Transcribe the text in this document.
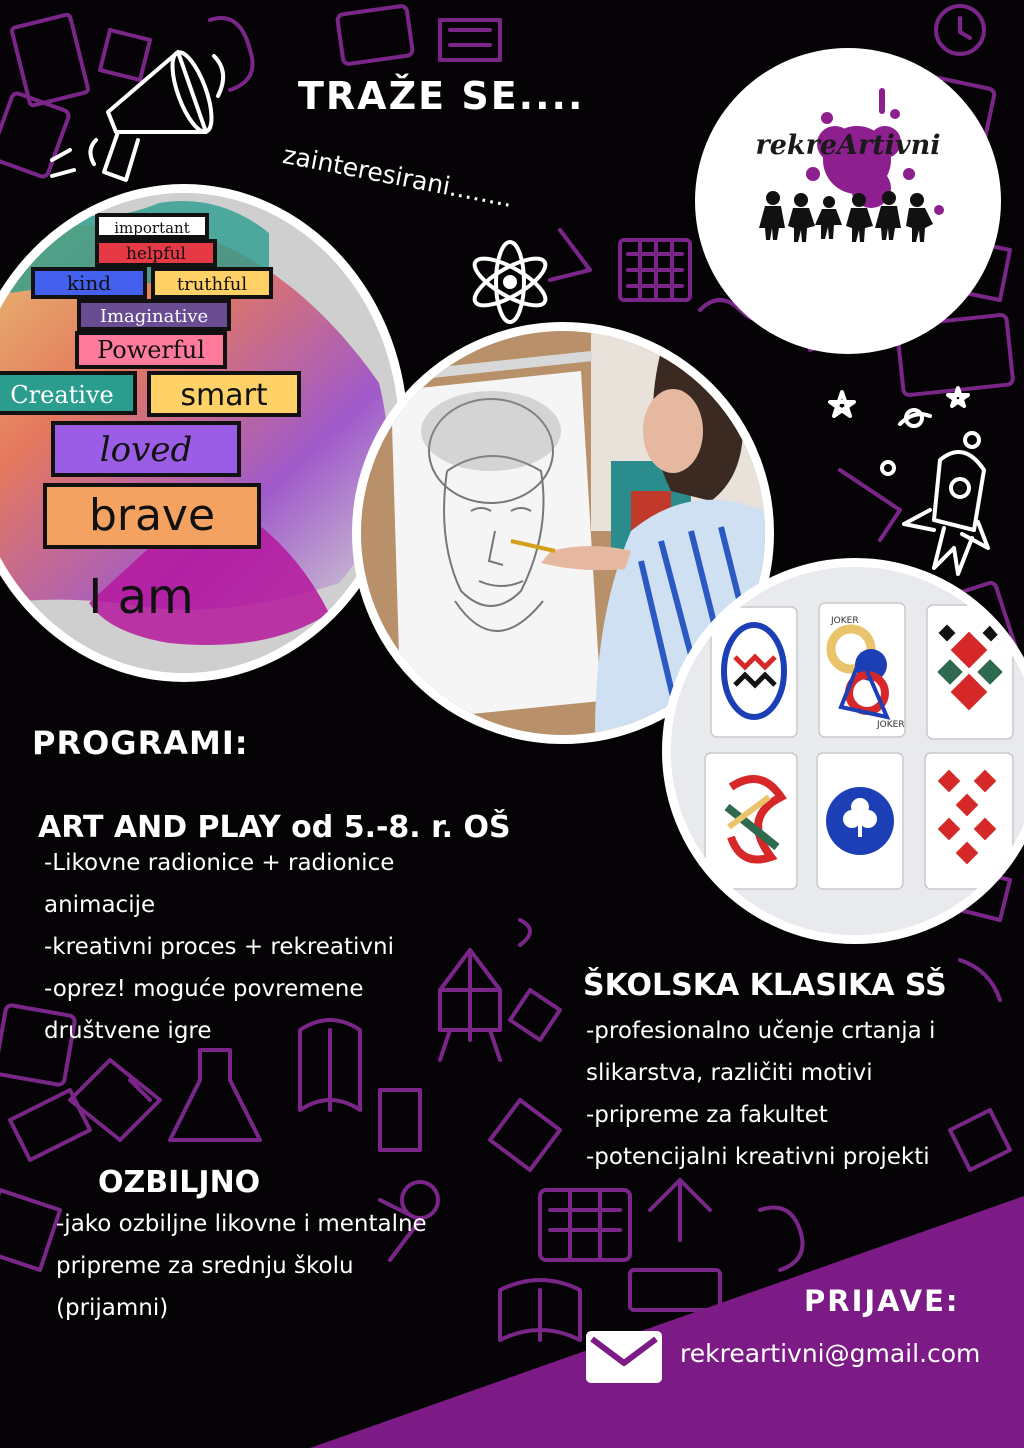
TRAŽE SE....
zainteresirani........	rekreArtivni
important
helpful
kind	truthful
Imaginative
Powerful
Creative smart
loved
brave
I am	JOKER
JOKER
PROGRAMI:
ART AND PLAY od 5.-8. r. OŠ
-Likovne radionice + radionice
animacije
-kreativni proces + rekreativni
-oprez! moguće povremene
društvene igre
ŠKOLSKA KLASIKA SŠ
-profesionalno učenje crtanja i
slikarstva, različiti motivi
-pripreme za fakultet
-potencijalni kreativni projekti
OZBILJNO
-jako ozbiljne likovne i mentalne
pripreme za srednju školu
(prijamni)	PRIJAVE:
rekreartivni@gmail.com
